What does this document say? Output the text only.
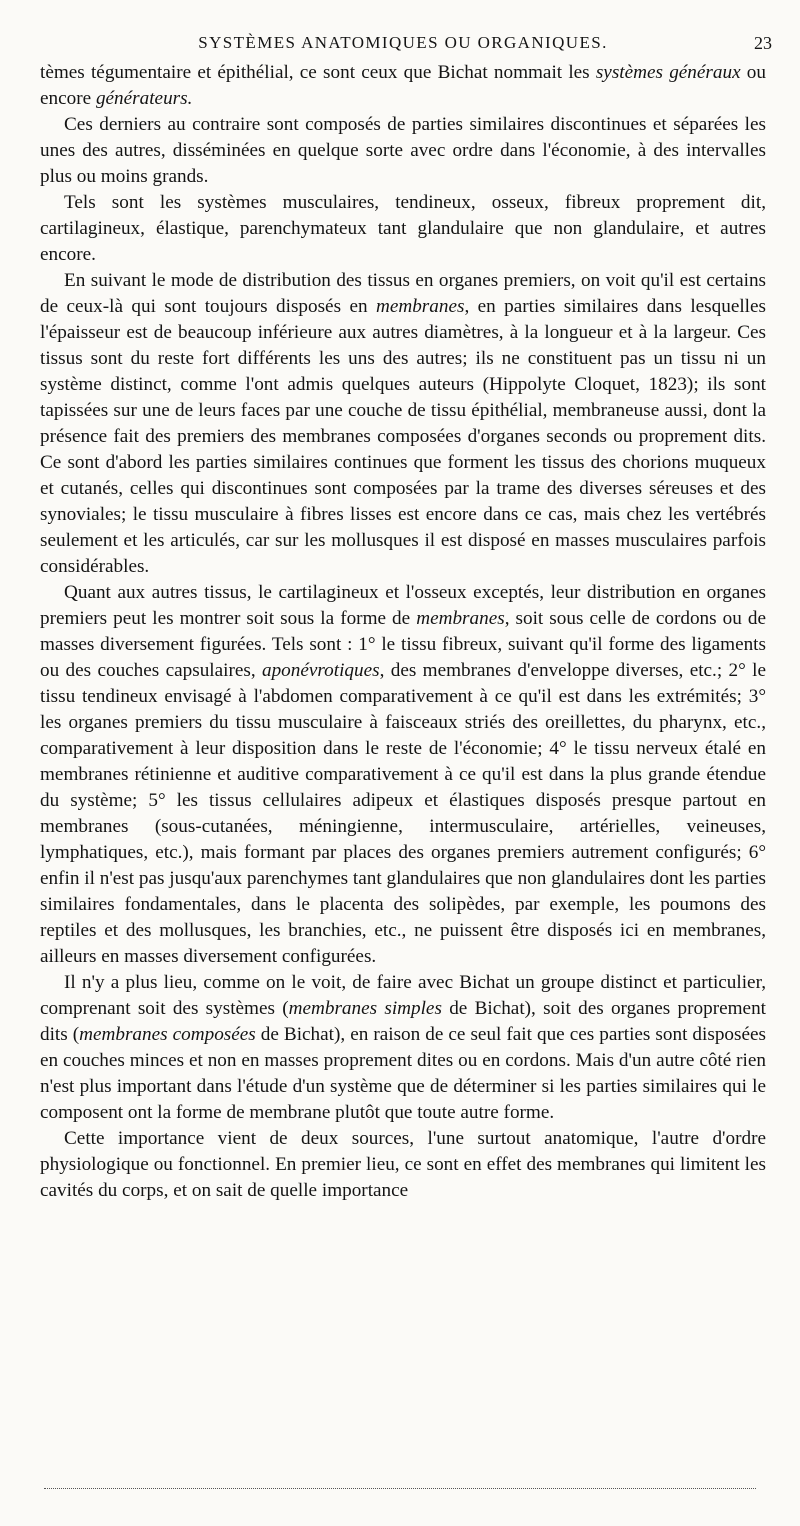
SYSTÈMES ANATOMIQUES OU ORGANIQUES.	23

tèmes tégumentaire et épithélial, ce sont ceux que Bichat nommait les systèmes généraux ou encore générateurs.

Ces derniers au contraire sont composés de parties similaires discontinues et séparées les unes des autres, disséminées en quelque sorte avec ordre dans l'économie, à des intervalles plus ou moins grands.

Tels sont les systèmes musculaires, tendineux, osseux, fibreux proprement dit, cartilagineux, élastique, parenchymateux tant glandulaire que non glandulaire, et autres encore.

En suivant le mode de distribution des tissus en organes premiers, on voit qu'il est certains de ceux-là qui sont toujours disposés en membranes, en parties similaires dans lesquelles l'épaisseur est de beaucoup inférieure aux autres diamètres, à la longueur et à la largeur. Ces tissus sont du reste fort différents les uns des autres; ils ne constituent pas un tissu ni un système distinct, comme l'ont admis quelques auteurs (Hippolyte Cloquet, 1823); ils sont tapissées sur une de leurs faces par une couche de tissu épithélial, membraneuse aussi, dont la présence fait des premiers des membranes composées d'organes seconds ou proprement dits. Ce sont d'abord les parties similaires continues que forment les tissus des chorions muqueux et cutanés, celles qui discontinues sont composées par la trame des diverses séreuses et des synoviales; le tissu musculaire à fibres lisses est encore dans ce cas, mais chez les vertébrés seulement et les articulés, car sur les mollusques il est disposé en masses musculaires parfois considérables.

Quant aux autres tissus, le cartilagineux et l'osseux exceptés, leur distribution en organes premiers peut les montrer soit sous la forme de membranes, soit sous celle de cordons ou de masses diversement figurées. Tels sont : 1° le tissu fibreux, suivant qu'il forme des ligaments ou des couches capsulaires, aponévrotiques, des membranes d'enveloppe diverses, etc.; 2° le tissu tendineux envisagé à l'abdomen comparativement à ce qu'il est dans les extrémités; 3° les organes premiers du tissu musculaire à faisceaux striés des oreillettes, du pharynx, etc., comparativement à leur disposition dans le reste de l'économie; 4° le tissu nerveux étalé en membranes rétinienne et auditive comparativement à ce qu'il est dans la plus grande étendue du système; 5° les tissus cellulaires adipeux et élastiques disposés presque partout en membranes (sous-cutanées, méningienne, intermusculaire, artérielles, veineuses, lymphatiques, etc.), mais formant par places des organes premiers autrement configurés; 6° enfin il n'est pas jusqu'aux parenchymes tant glandulaires que non glandulaires dont les parties similaires fondamentales, dans le placenta des solipèdes, par exemple, les poumons des reptiles et des mollusques, les branchies, etc., ne puissent être disposés ici en membranes, ailleurs en masses diversement configurées.

Il n'y a plus lieu, comme on le voit, de faire avec Bichat un groupe distinct et particulier, comprenant soit des systèmes (membranes simples de Bichat), soit des organes proprement dits (membranes composées de Bichat), en raison de ce seul fait que ces parties sont disposées en couches minces et non en masses proprement dites ou en cordons. Mais d'un autre côté rien n'est plus important dans l'étude d'un système que de déterminer si les parties similaires qui le composent ont la forme de membrane plutôt que toute autre forme.

Cette importance vient de deux sources, l'une surtout anatomique, l'autre d'ordre physiologique ou fonctionnel. En premier lieu, ce sont en effet des membranes qui limitent les cavités du corps, et on sait de quelle importance
